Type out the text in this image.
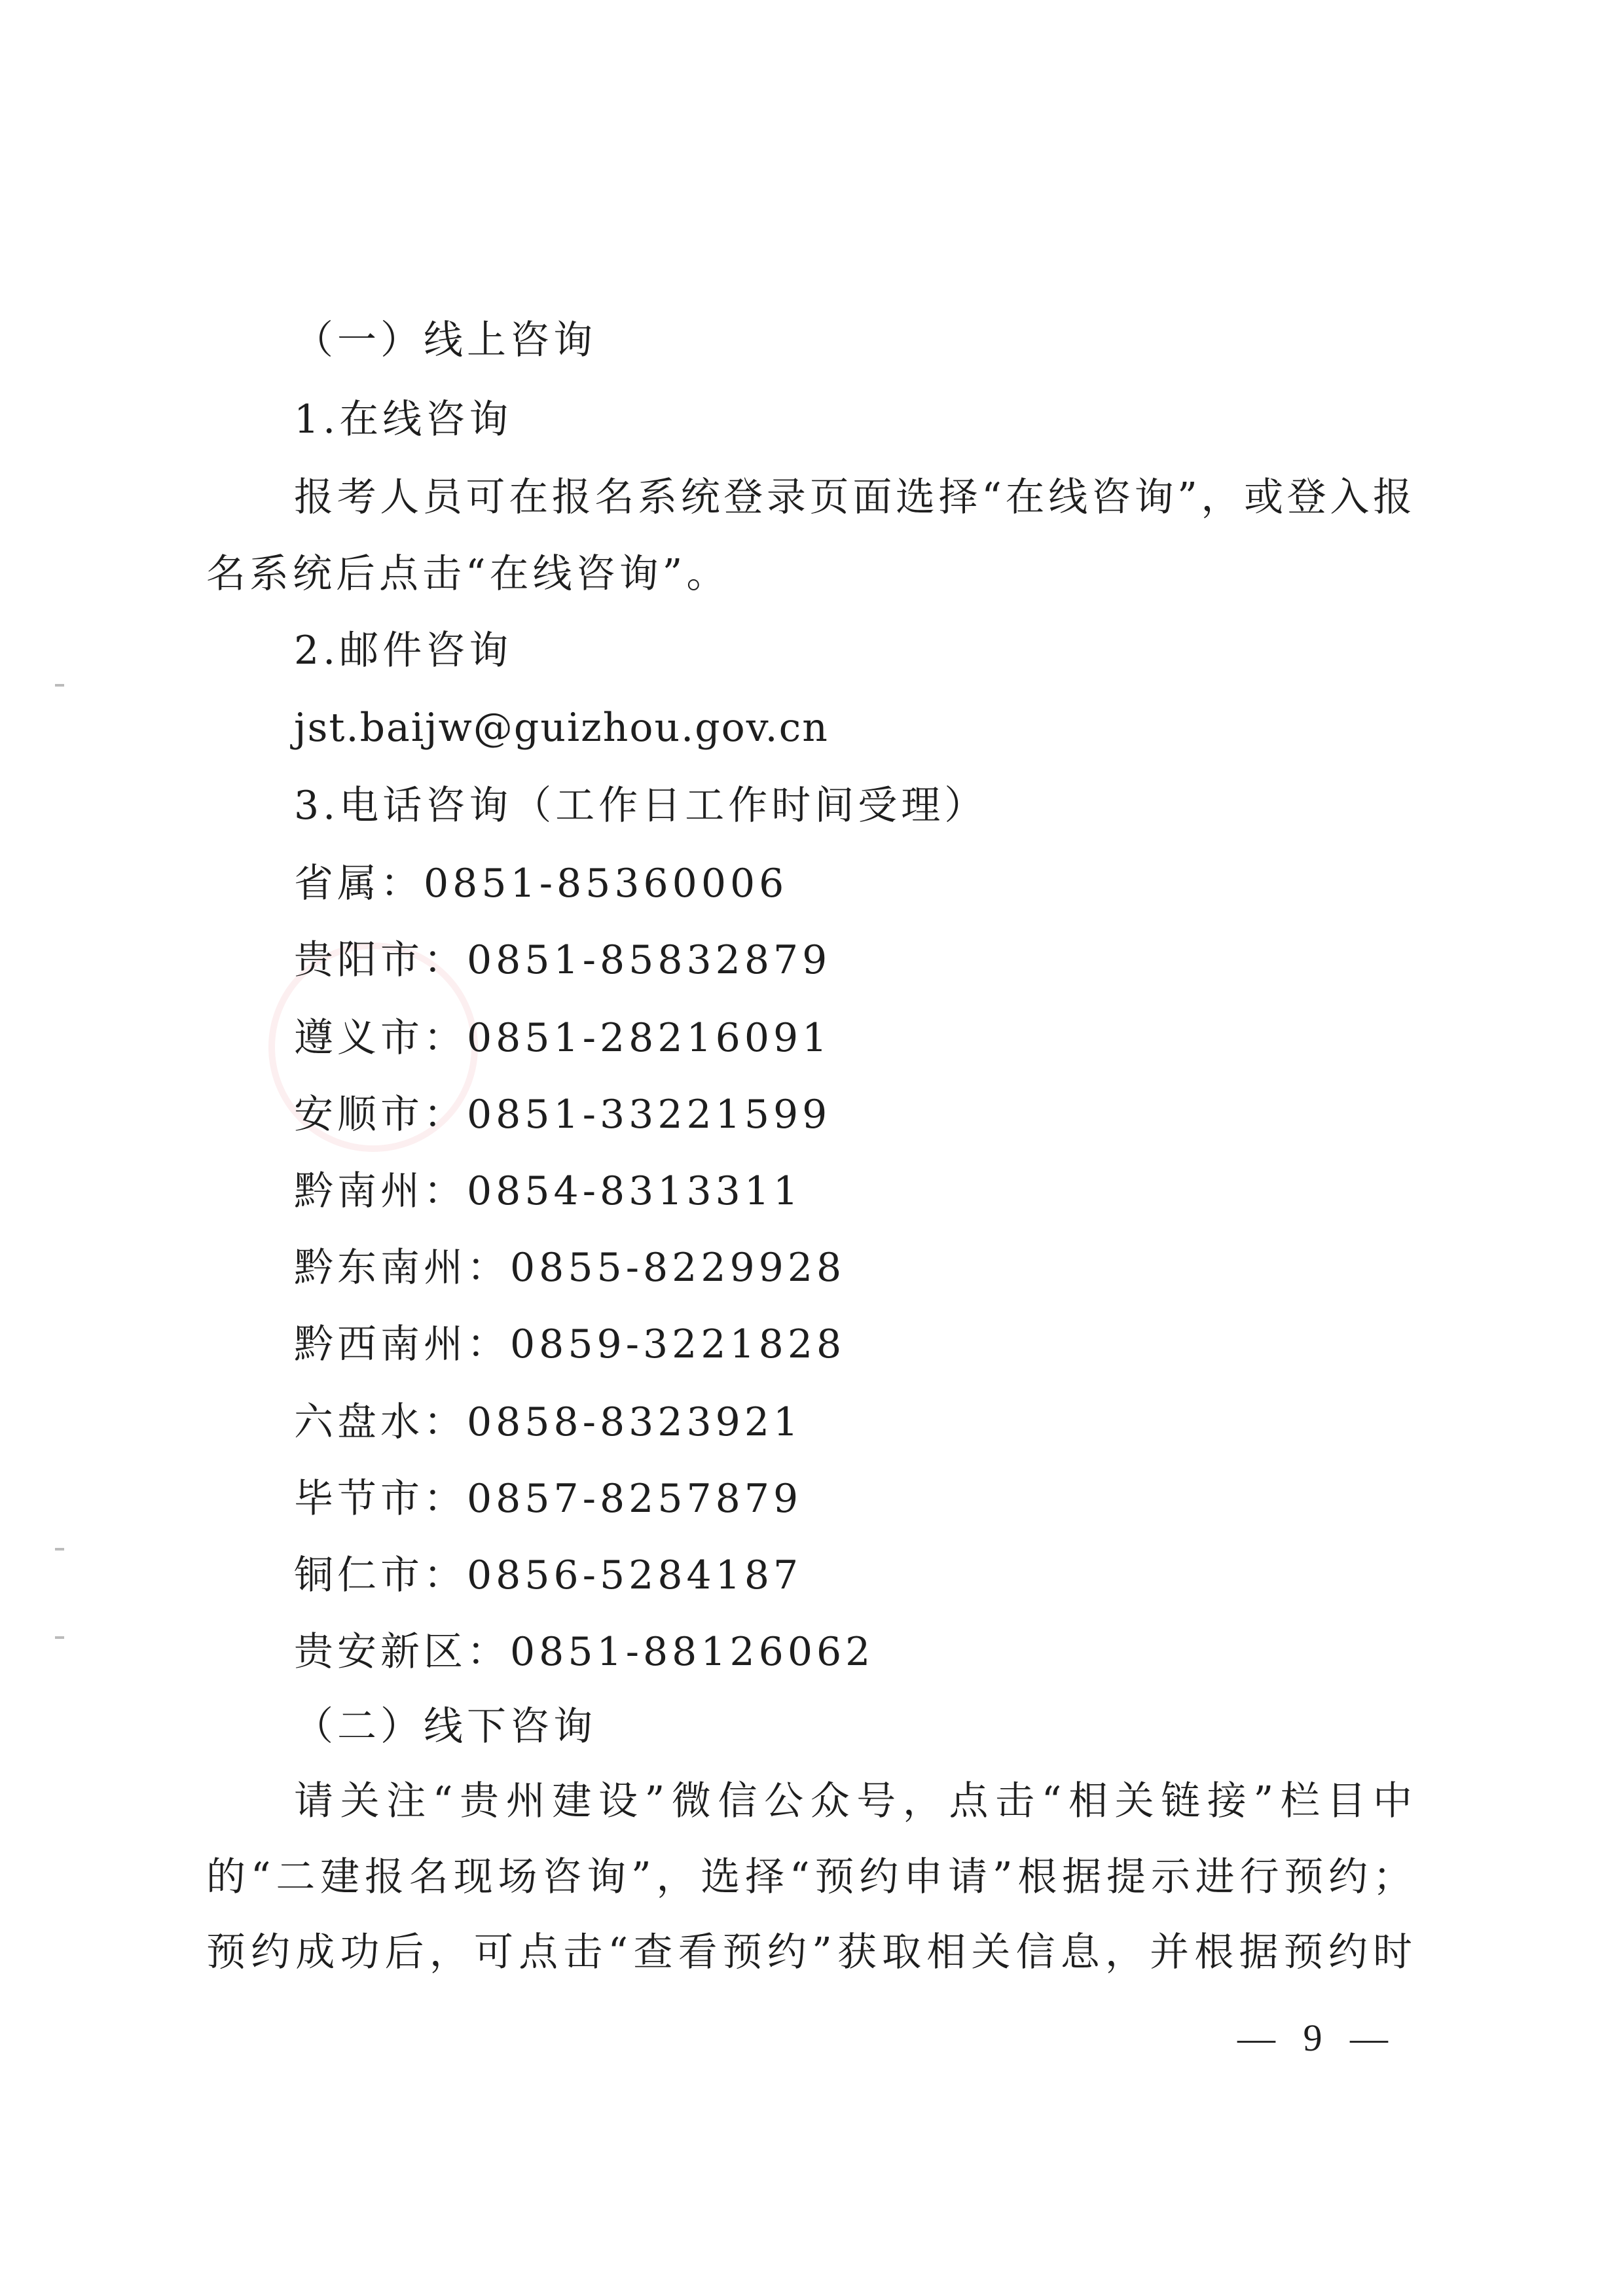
（一）线上咨询
1.在线咨询
报考人员可在报名系统登录页面选择“在线咨询”，或登入报
名系统后点击“在线咨询”。
2.邮件咨询
jst.baijw@guizhou.gov.cn
3.电话咨询（工作日工作时间受理）
省属：0851-85360006
贵阳市：0851-85832879
遵义市：0851-28216091
安顺市：0851-33221599
黔南州：0854-8313311
黔东南州：0855-8229928
黔西南州：0859-3221828
六盘水：0858-8323921
毕节市：0857-8257879
铜仁市：0856-5284187
贵安新区：0851-88126062
（二）线下咨询
请关注“贵州建设”微信公众号，点击“相关链接”栏目中
的“二建报名现场咨询”，选择“预约申请”根据提示进行预约；
预约成功后，可点击“查看预约”获取相关信息，并根据预约时
— 9 —
